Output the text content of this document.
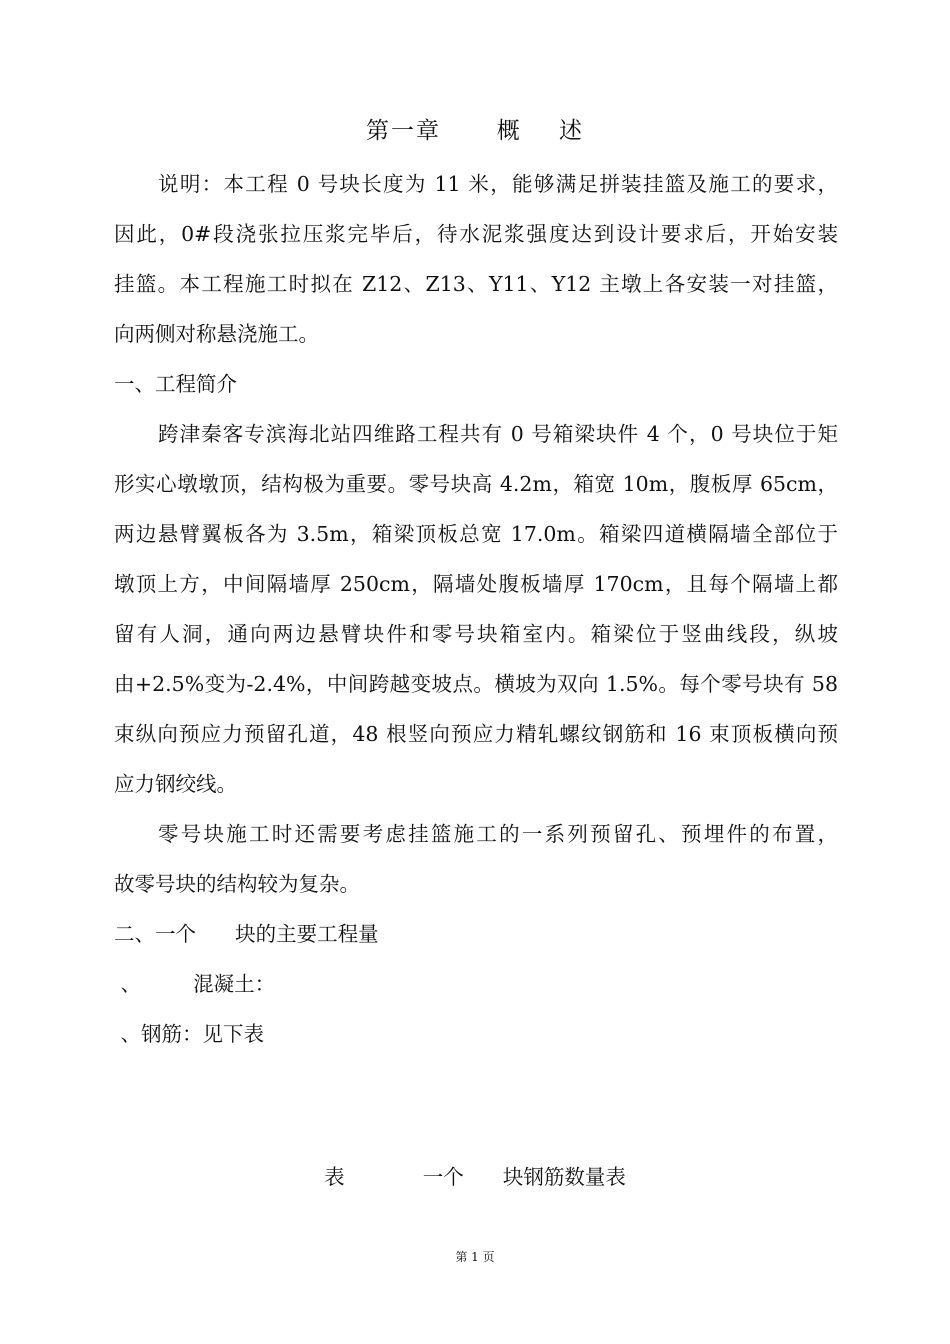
第一章      概    述
说明：本工程 0 号块长度为 11 米，能够满足拼装挂篮及施工的要求，
因此，0#段浇张拉压浆完毕后，待水泥浆强度达到设计要求后，开始安装
挂篮。本工程施工时拟在 Z12、Z13、Y11、Y12 主墩上各安装一对挂篮，
向两侧对称悬浇施工。
一、工程简介
跨津秦客专滨海北站四维路工程共有 0 号箱梁块件 4 个，0 号块位于矩
形实心墩墩顶，结构极为重要。零号块高 4.2m，箱宽 10m，腹板厚 65cm，
两边悬臂翼板各为 3.5m，箱梁顶板总宽 17.0m。箱梁四道横隔墙全部位于
墩顶上方，中间隔墙厚 250cm，隔墙处腹板墙厚 170cm，且每个隔墙上都
留有人洞，通向两边悬臂块件和零号块箱室内。箱梁位于竖曲线段，纵坡
由+2.5%变为-2.4%，中间跨越变坡点。横坡为双向 1.5%。每个零号块有 58
束纵向预应力预留孔道，48 根竖向预应力精轧螺纹钢筋和 16 束顶板横向预
应力钢绞线。
零号块施工时还需要考虑挂篮施工的一系列预留孔、预埋件的布置，
故零号块的结构较为复杂。
二、一个      块的主要工程量
、        混凝土：
、钢筋：见下表
表            一个      块钢筋数量表
第 1 页
